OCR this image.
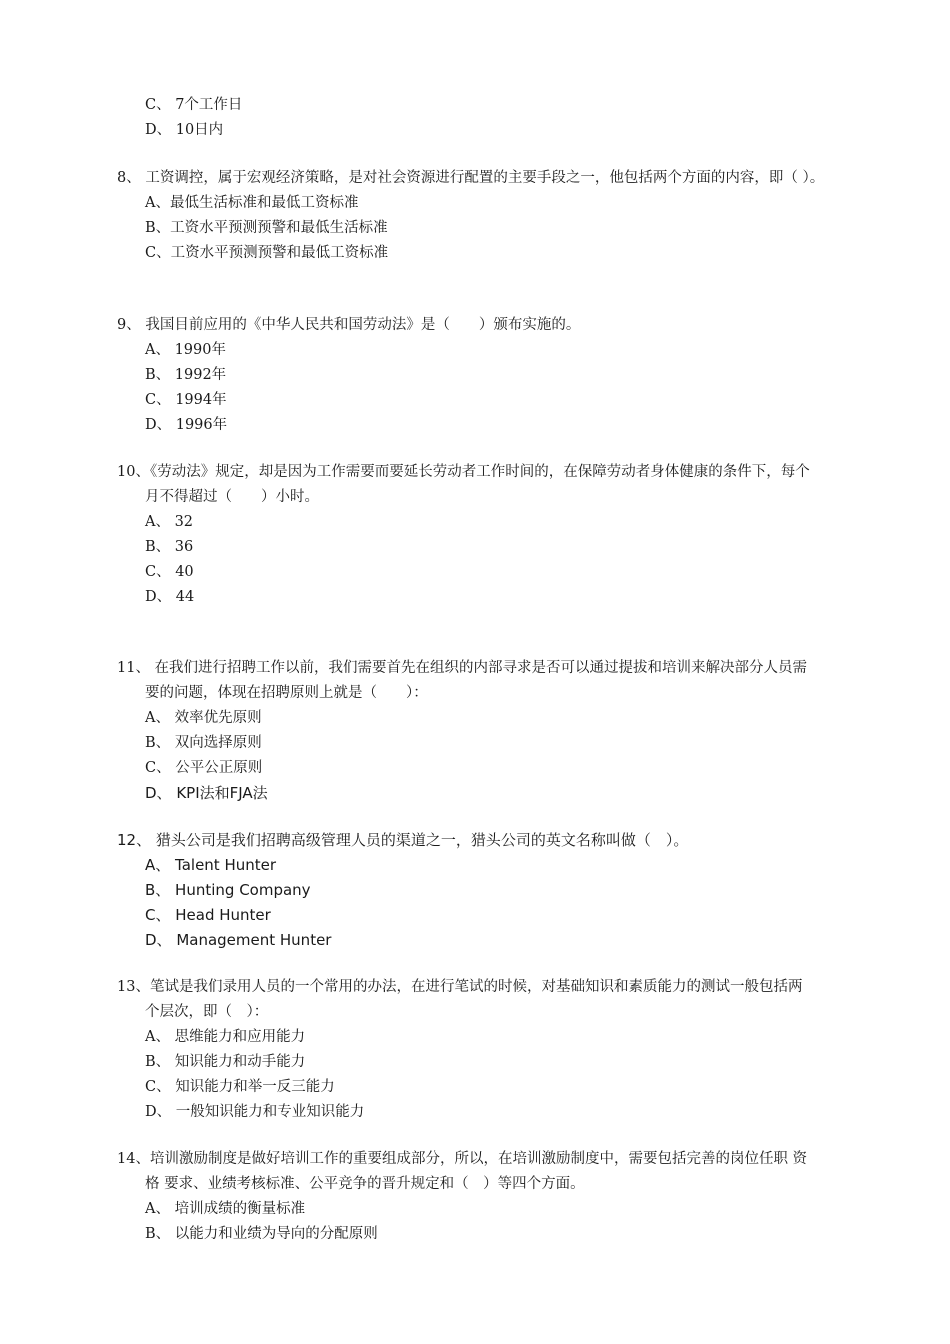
C、 7个工作日
D、 10日内
8、 工资调控，属于宏观经济策略，是对社会资源进行配置的主要手段之一，他包括两个方面的内容，即（ ）。
A、最低生活标准和最低工资标准
B、工资水平预测预警和最低生活标准
C、工资水平预测预警和最低工资标准
9、 我国目前应用的《中华人民共和国劳动法》是（　　）颁布实施的。
A、 1990年
B、 1992年
C、 1994年
D、 1996年
10、《劳动法》规定，却是因为工作需要而要延长劳动者工作时间的，在保障劳动者身体健康的条件下，每个
月不得超过（　　）小时。
A、 32
B、 36
C、 40
D、 44
11、 在我们进行招聘工作以前，我们需要首先在组织的内部寻求是否可以通过提拔和培训来解决部分人员需
要的问题，体现在招聘原则上就是（　　）：
A、 效率优先原则
B、 双向选择原则
C、 公平公正原则
D、 KPI法和FJA法
12、 猎头公司是我们招聘高级管理人员的渠道之一，猎头公司的英文名称叫做（　）。
A、 Talent Hunter
B、 Hunting Company
C、 Head Hunter
D、 Management Hunter
13、笔试是我们录用人员的一个常用的办法，在进行笔试的时候，对基础知识和素质能力的测试一般包括两
个层次，即（　）：
A、 思维能力和应用能力
B、 知识能力和动手能力
C、 知识能力和举一反三能力
D、 一般知识能力和专业知识能力
14、培训激励制度是做好培训工作的重要组成部分，所以，在培训激励制度中，需要包括完善的岗位任职 资
格 要求、业绩考核标准、公平竞争的晋升规定和（　）等四个方面。
A、 培训成绩的衡量标准
B、 以能力和业绩为导向的分配原则
